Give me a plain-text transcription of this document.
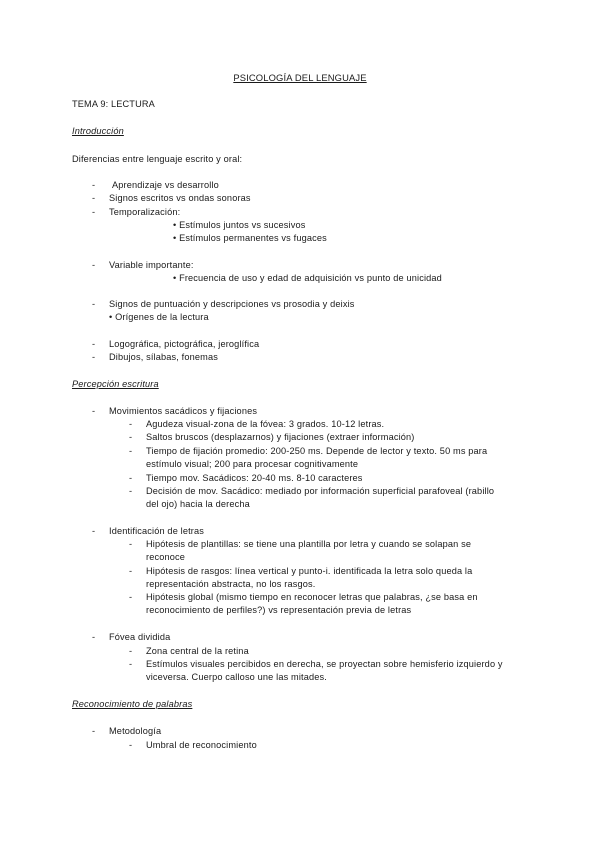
PSICOLOGÍA DEL LENGUAJE
TEMA 9: LECTURA
Introducción
Diferencias entre lenguaje escrito y oral:
- Aprendizaje vs desarrollo
- Signos escritos vs ondas sonoras
- Temporalización:
• Estímulos juntos vs sucesivos
• Estímulos permanentes vs fugaces
- Variable importante:
• Frecuencia de uso y edad de adquisición vs punto de unicidad
- Signos de puntuación y descripciones vs prosodia y deixis
• Orígenes de la lectura
- Logográfica, pictográfica, jeroglífica
- Dibujos, sílabas, fonemas
Percepción escritura
- Movimientos sacádicos y fijaciones
- Agudeza visual-zona de la fóvea: 3 grados. 10-12 letras.
- Saltos bruscos (desplazarnos) y fijaciones (extraer información)
- Tiempo de fijación promedio: 200-250 ms. Depende de lector y texto. 50 ms para
estímulo visual; 200 para procesar cognitivamente
- Tiempo mov. Sacádicos: 20-40 ms. 8-10 caracteres
- Decisión de mov. Sacádico: mediado por información superficial parafoveal (rabillo
del ojo) hacia la derecha
- Identificación de letras
- Hipótesis de plantillas: se tiene una plantilla por letra y cuando se solapan se
reconoce
- Hipótesis de rasgos: línea vertical y punto-i. identificada la letra solo queda la
representación abstracta, no los rasgos.
- Hipótesis global (mismo tiempo en reconocer letras que palabras, ¿se basa en
reconocimiento de perfiles?) vs representación previa de letras
- Fóvea dividida
- Zona central de la retina
- Estímulos visuales percibidos en derecha, se proyectan sobre hemisferio izquierdo y
viceversa. Cuerpo calloso une las mitades.
Reconocimiento de palabras
- Metodología
- Umbral de reconocimiento
